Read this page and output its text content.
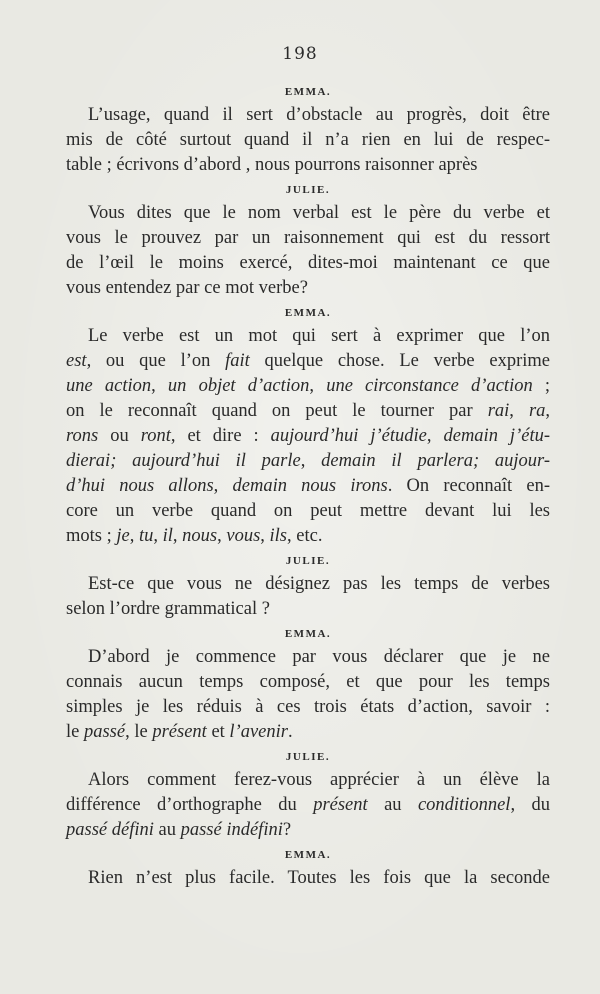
198
EMMA.
L’usage, quand il sert d’obstacle au progrès, doit être
mis de côté surtout quand il n’a rien en lui de respec-
table ; écrivons d’abord , nous pourrons raisonner après
JULIE.
Vous dites que le nom verbal est le père du verbe et
vous le prouvez par un raisonnement qui est du ressort
de l’œil le moins exercé, dites-moi maintenant ce que
vous entendez par ce mot verbe?
EMMA.
Le verbe est un mot qui sert à exprimer que l’on
est, ou que l’on fait quelque chose. Le verbe exprime
une action, un objet d’action, une circonstance d’action ;
on le reconnaît quand on peut le tourner par rai, ra,
rons ou ront, et dire : aujourd’hui j’étudie, demain j’étu-
dierai; aujourd’hui il parle, demain il parlera; aujour-
d’hui nous allons, demain nous irons. On reconnaît en-
core un verbe quand on peut mettre devant lui les
mots ; je, tu, il, nous, vous, ils, etc.
JULIE.
Est-ce que vous ne désignez pas les temps de verbes
selon l’ordre grammatical ?
EMMA.
D’abord je commence par vous déclarer que je ne
connais aucun temps composé, et que pour les temps
simples je les réduis à ces trois états d’action, savoir :
le passé, le présent et l’avenir.
JULIE.
Alors comment ferez-vous apprécier à un élève la
différence d’orthographe du présent au conditionnel, du
passé défini au passé indéfini?
EMMA.
Rien n’est plus facile. Toutes les fois que la seconde
